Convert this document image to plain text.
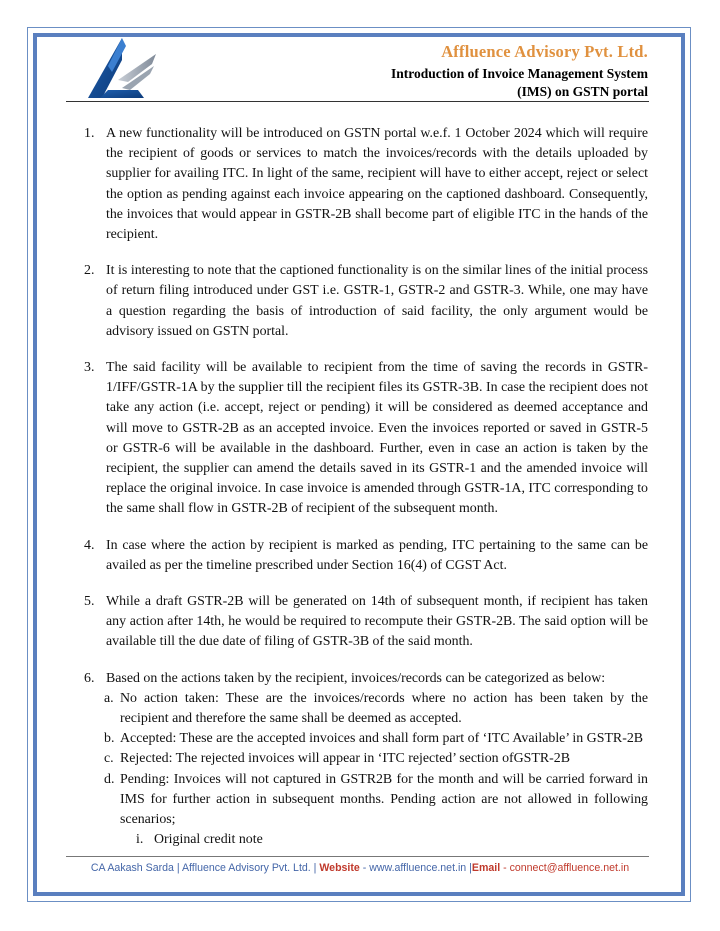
Affluence Advisory Pvt. Ltd.
Introduction of Invoice Management System
(IMS) on GSTN portal
1. A new functionality will be introduced on GSTN portal w.e.f. 1 October 2024 which will require the recipient of goods or services to match the invoices/records with the details uploaded by supplier for availing ITC. In light of the same, recipient will have to either accept, reject or select the option as pending against each invoice appearing on the captioned dashboard. Consequently, the invoices that would appear in GSTR-2B shall become part of eligible ITC in the hands of the recipient.
2. It is interesting to note that the captioned functionality is on the similar lines of the initial process of return filing introduced under GST i.e. GSTR-1, GSTR-2 and GSTR-3. While, one may have a question regarding the basis of introduction of said facility, the only argument would be advisory issued on GSTN portal.
3. The said facility will be available to recipient from the time of saving the records in GSTR-1/IFF/GSTR-1A by the supplier till the recipient files its GSTR-3B. In case the recipient does not take any action (i.e. accept, reject or pending) it will be considered as deemed acceptance and will move to GSTR-2B as an accepted invoice. Even the invoices reported or saved in GSTR-5 or GSTR-6 will be available in the dashboard. Further, even in case an action is taken by the recipient, the supplier can amend the details saved in its GSTR-1 and the amended invoice will replace the original invoice. In case invoice is amended through GSTR-1A, ITC corresponding to the same shall flow in GSTR-2B of recipient of the subsequent month.
4. In case where the action by recipient is marked as pending, ITC pertaining to the same can be availed as per the timeline prescribed under Section 16(4) of CGST Act.
5. While a draft GSTR-2B will be generated on 14th of subsequent month, if recipient has taken any action after 14th, he would be required to recompute their GSTR-2B. The said option will be available till the due date of filing of GSTR-3B of the said month.
6. Based on the actions taken by the recipient, invoices/records can be categorized as below:
a. No action taken: These are the invoices/records where no action has been taken by the recipient and therefore the same shall be deemed as accepted.
b. Accepted: These are the accepted invoices and shall form part of ‘ITC Available’ in GSTR-2B
c. Rejected: The rejected invoices will appear in ‘ITC rejected’ section ofGSTR-2B
d. Pending: Invoices will not captured in GSTR2B for the month and will be carried forward in IMS for further action in subsequent months. Pending action are not allowed in following scenarios;
i. Original credit note
CA Aakash Sarda | Affluence Advisory Pvt. Ltd. | Website - www.affluence.net.in |Email - connect@affluence.net.in
